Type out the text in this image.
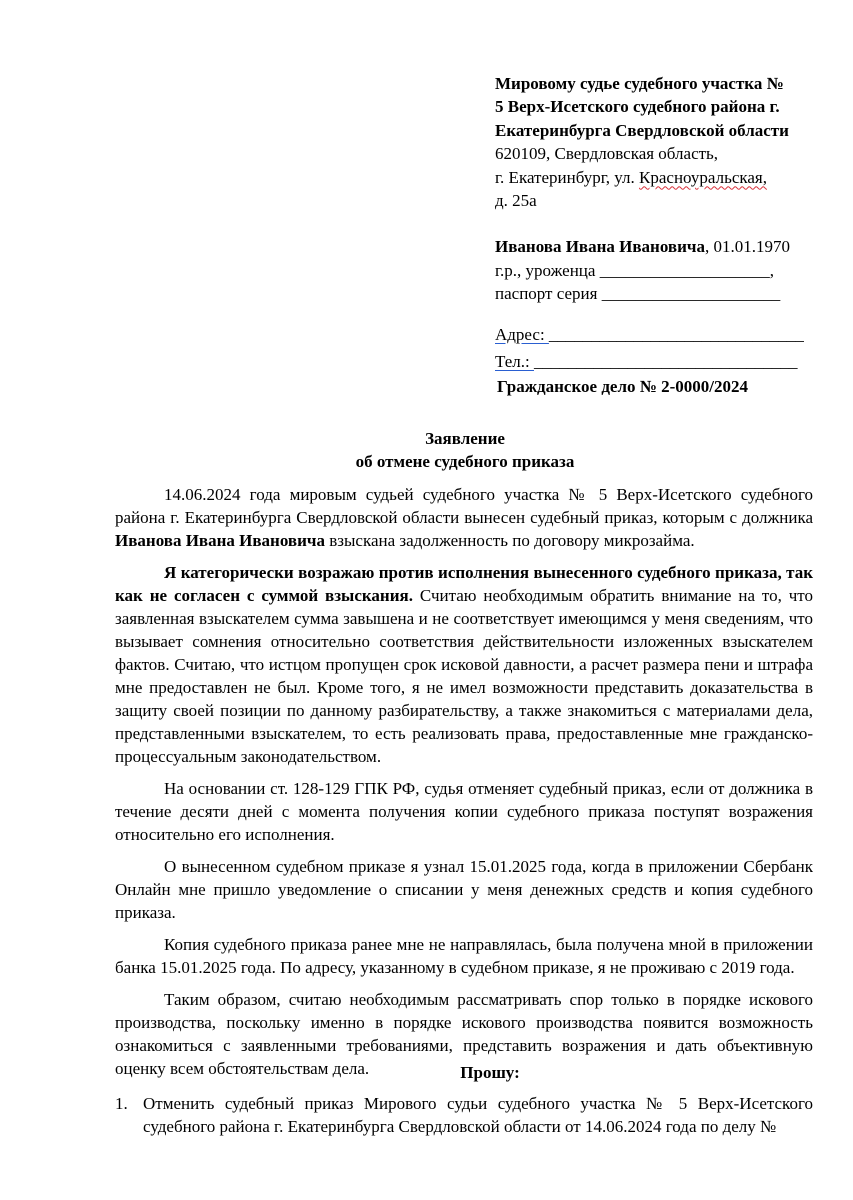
Мировому судье судебного участка №
5 Верх-Исетского судебного района г.
Екатеринбурга Свердловской области
620109, Свердловская область,
г. Екатеринбург, ул. Красноуральская,
д. 25а
Иванова Ивана Ивановича, 01.01.1970
г.р., уроженца ____________________,
паспорт серия _____________________
Адрес: ______________________________
Тел.: _______________________________
Гражданское дело № 2-0000/2024
Заявление
об отмене судебного приказа

14.06.2024 года мировым судьей судебного участка № 5 Верх-Исетского судебного района г. Екатеринбурга Свердловской области вынесен судебный приказ, которым с должника Иванова Ивана Ивановича взыскана задолженность по договору микрозайма.

Я категорически возражаю против исполнения вынесенного судебного приказа, так как не согласен с суммой взыскания. Считаю необходимым обратить внимание на то, что заявленная взыскателем сумма завышена и не соответствует имеющимся у меня сведениям, что вызывает сомнения относительно соответствия действительности изложенных взыскателем фактов. Считаю, что истцом пропущен срок исковой давности, а расчет размера пени и штрафа мне предоставлен не был. Кроме того, я не имел возможности представить доказательства в защиту своей позиции по данному разбирательству, а также знакомиться с материалами дела, представленными взыскателем, то есть реализовать права, предоставленные мне гражданско-процессуальным законодательством.

На основании ст. 128-129 ГПК РФ, судья отменяет судебный приказ, если от должника в течение десяти дней с момента получения копии судебного приказа поступят возражения относительно его исполнения.

О вынесенном судебном приказе я узнал 15.01.2025 года, когда в приложении Сбербанк Онлайн мне пришло уведомление о списании у меня денежных средств и копия судебного приказа.

Копия судебного приказа ранее мне не направлялась, была получена мной в приложении банка 15.01.2025 года. По адресу, указанному в судебном приказе, я не проживаю с 2019 года.

Таким образом, считаю необходимым рассматривать спор только в порядке искового производства, поскольку именно в порядке искового производства появится возможность ознакомиться с заявленными требованиями, представить возражения и дать объективную оценку всем обстоятельствам дела.	Прошу:
1. Отменить судебный приказ Мирового судьи судебного участка № 5 Верх-Исетского судебного района г. Екатеринбурга Свердловской области от 14.06.2024 года по делу №
